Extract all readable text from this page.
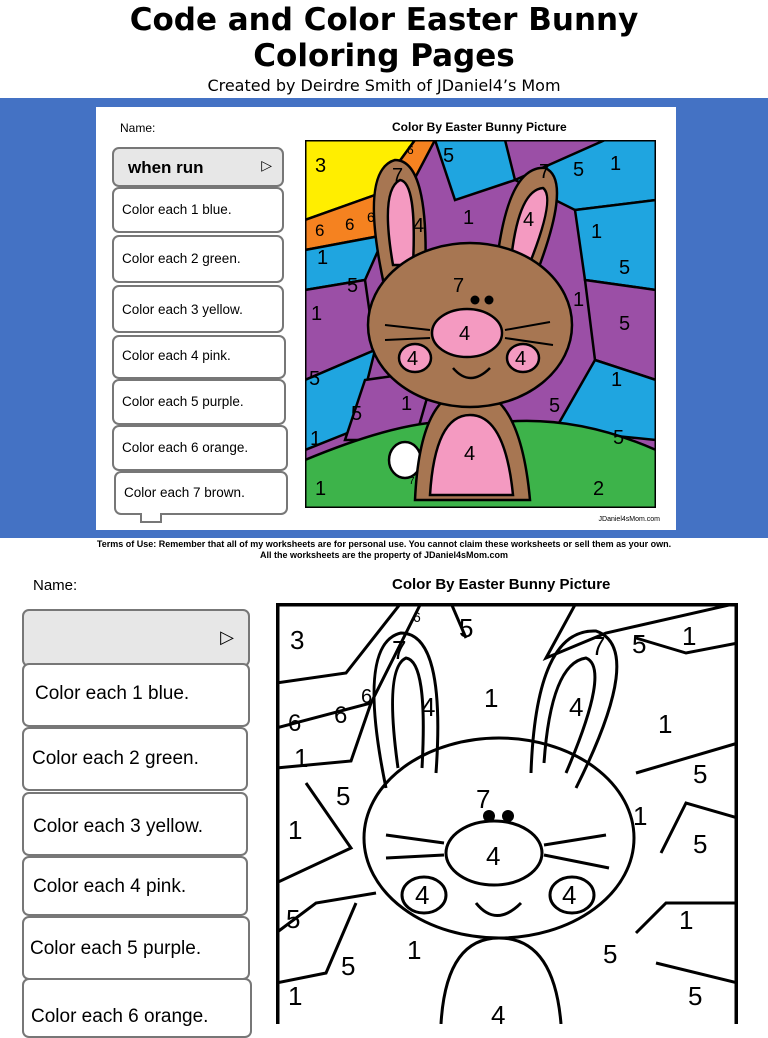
Code and Color Easter Bunny
Coloring Pages
Created by Deirdre Smith of JDaniel4’s Mom
Name:	Color By Easter Bunny Picture
when run	▷
Color each 1 blue.
Color each 2 green.
Color each 3 yellow.
Color each 4 pink.
Color each 5 purple.
Color each 6 orange.
Color each 7 brown.
3
6 5
7	7 5 1
6 6 6 4 1 4
1
1	5
5	7
1
1
4	5
4	4
5	1
1
5	5
1
4
5
1	2
7
JDaniel4sMom.com
Terms of Use: Remember that all of my worksheets are for personal use. You cannot claim these worksheets or sell them as your own.
All the worksheets are the property of JDaniel4sMom.com
Name:	Color By Easter Bunny Picture
▷
Color each 1 blue.
Color each 2 green.
Color each 3 yellow.
Color each 4 pink.
Color each 5 purple.
Color each 6 orange.
3
6 5
7	7 5 1
6 6
6 4 1	4
1
1
5
5	7
1
1
4	5
4	4
5	1
1
5	5
1
4
5
